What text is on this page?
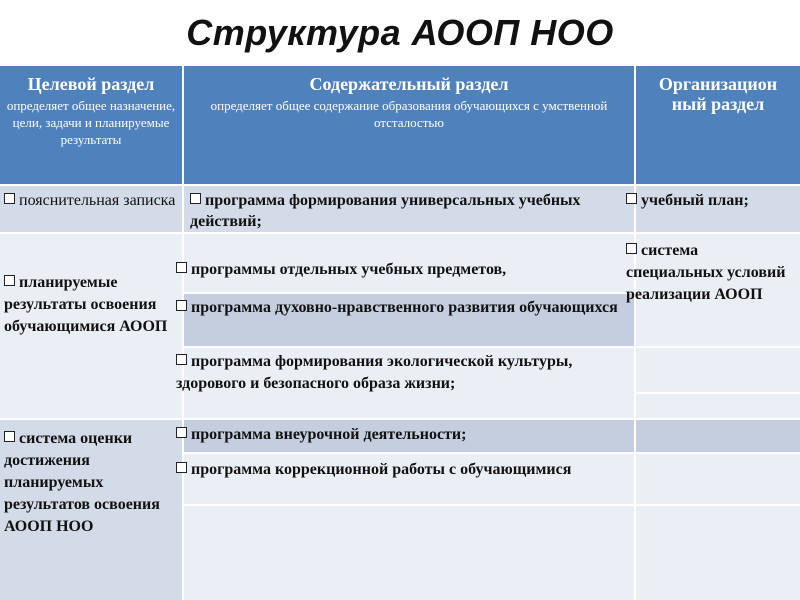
Структура АООП НОО
Целевой раздел
определяет общее назначение, цели, задачи и планируемые результаты
Содержательный раздел
определяет общее содержание образования обучающихся с умственной отсталостью
Организацион ный раздел
пояснительная записка
планируемые результаты освоения обучающимися АООП
система оценки достижения планируемых результатов освоения АООП НОО
программа формирования универсальных учебных действий;
программы отдельных учебных предметов,
программа духовно-нравственного развития обучающихся
программа формирования экологической культуры, здорового и безопасного образа жизни;
программа внеурочной деятельности;
программа коррекционной работы с обучающимися
учебный план;
система специальных условий реализации АООП
